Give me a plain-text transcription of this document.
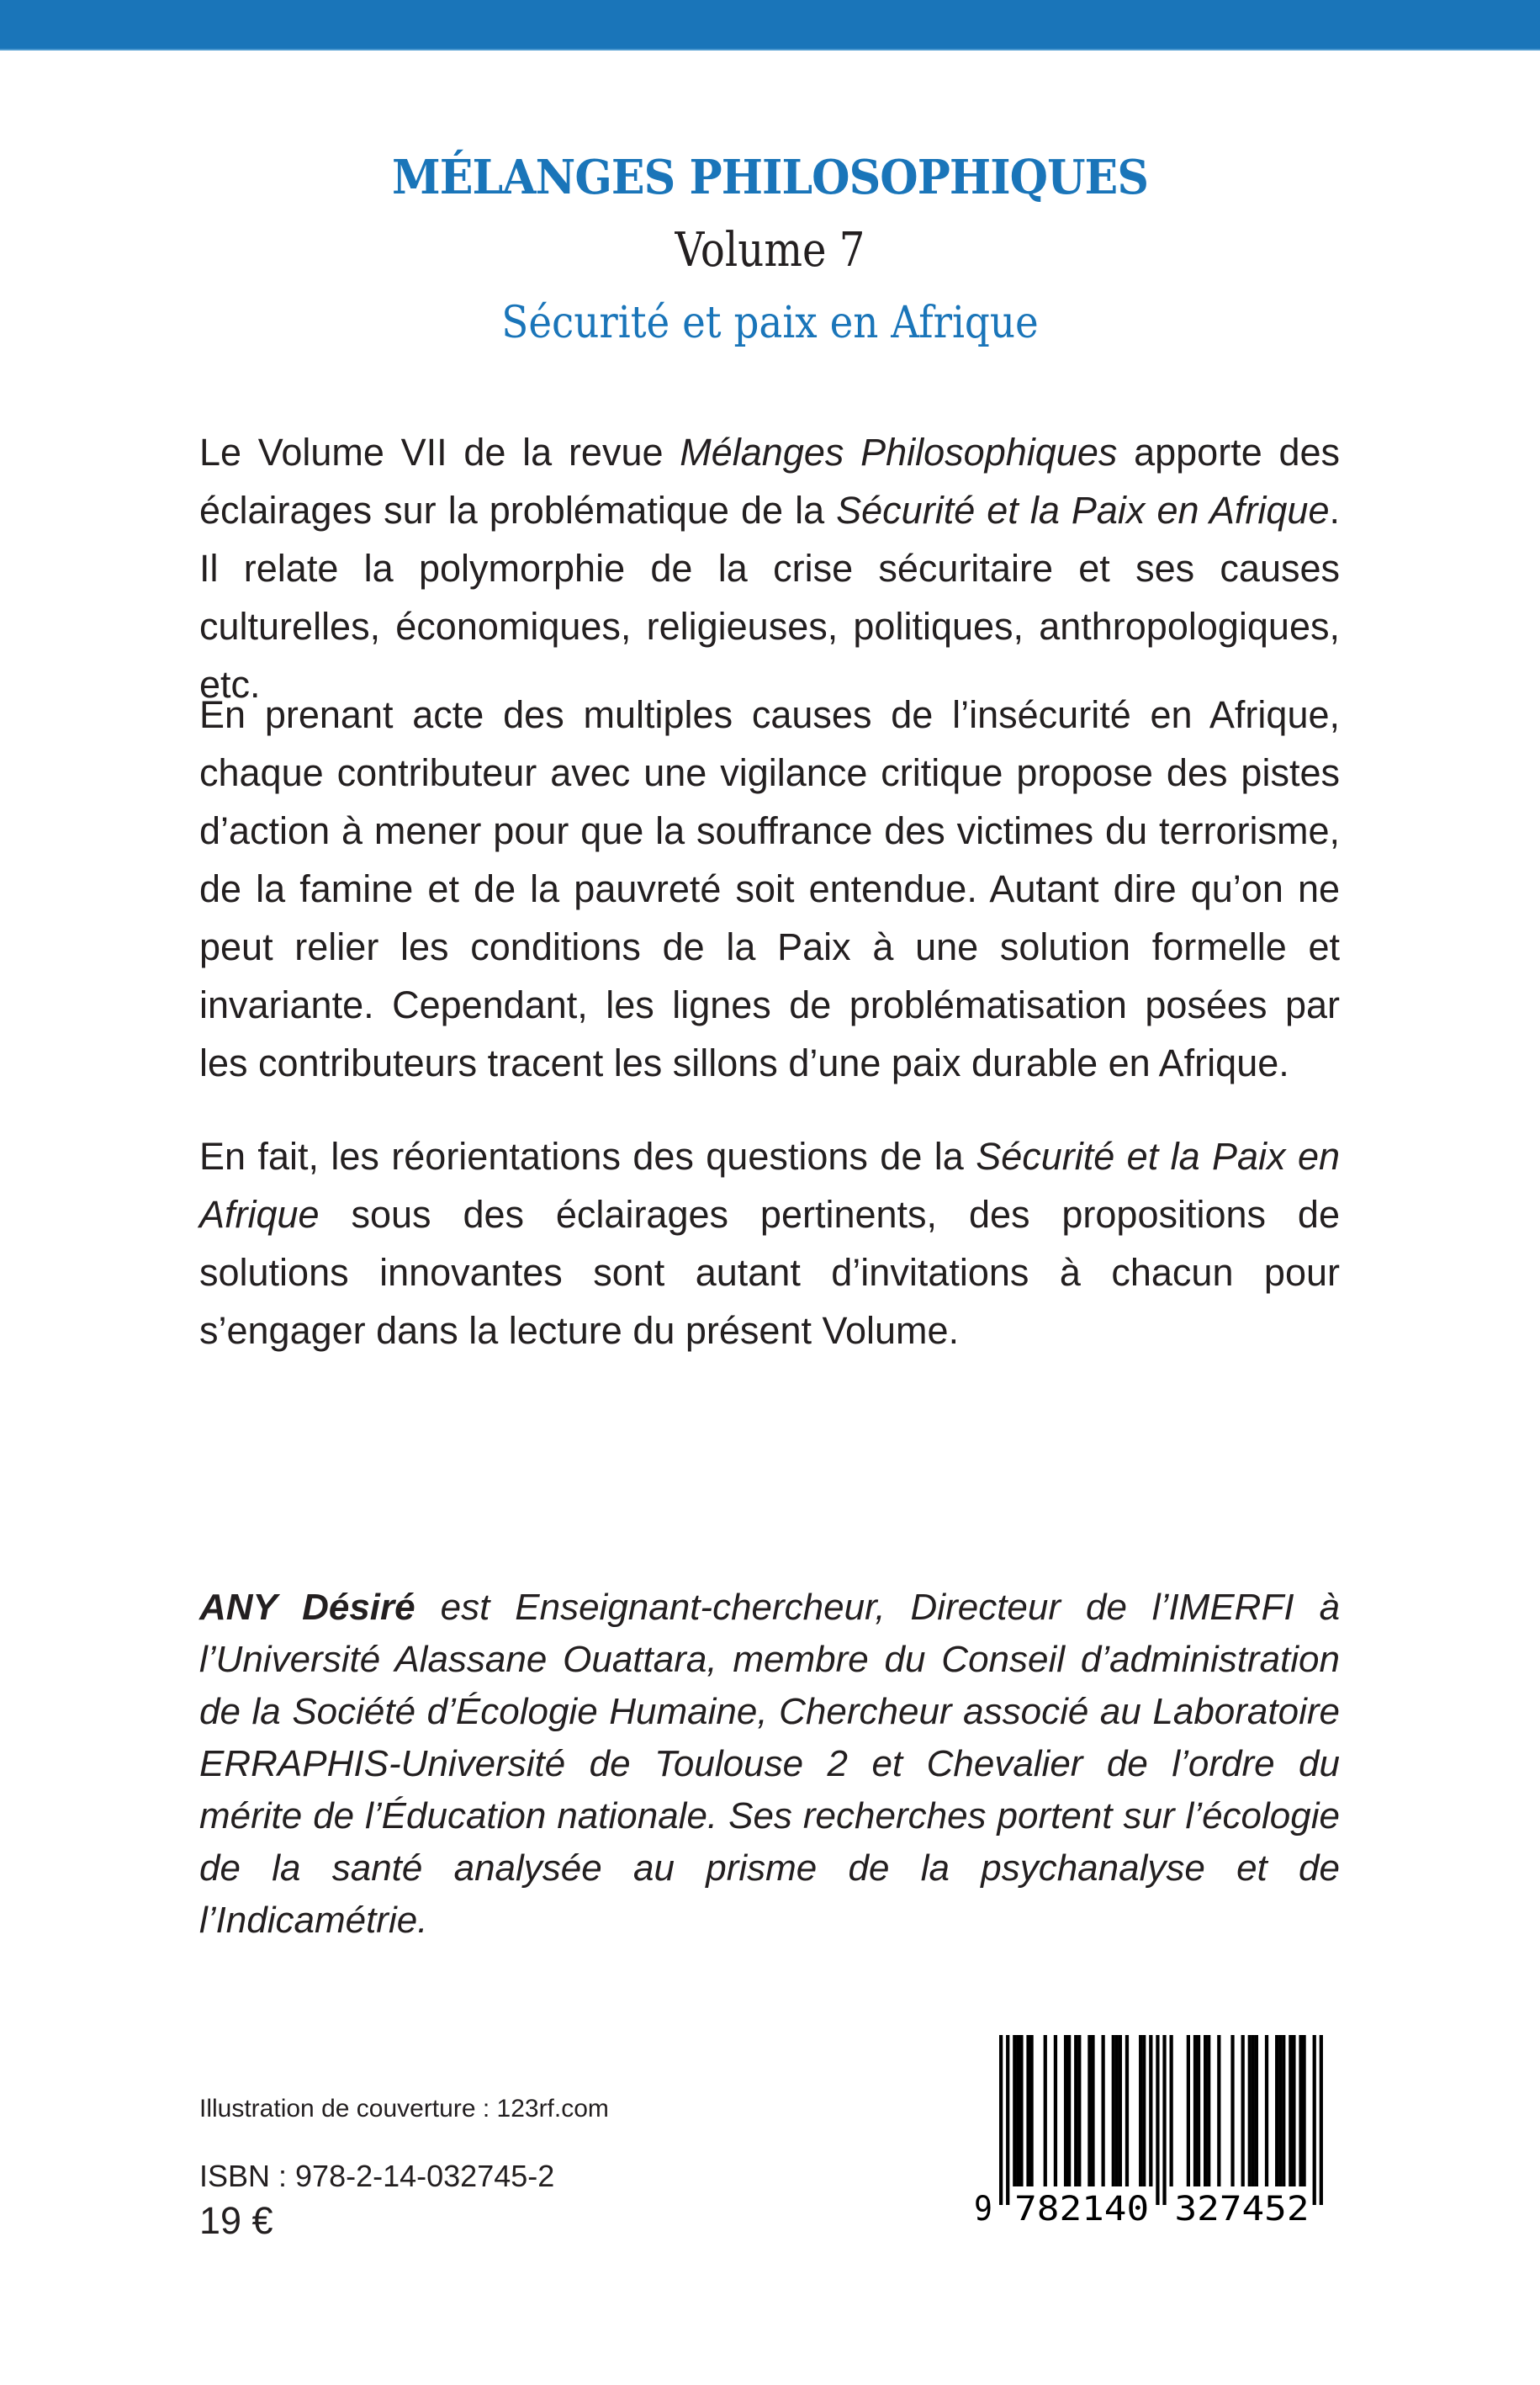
MÉLANGES PHILOSOPHIQUES
Volume 7
Sécurité et paix en Afrique
Le Volume VII de la revue Mélanges Philosophiques apporte des éclairages sur la problématique de la Sécurité et la Paix en Afrique. Il relate la polymorphie de la crise sécuritaire et ses causes culturelles, économiques, religieuses, politiques, anthropologiques, etc.
En prenant acte des multiples causes de l’insécurité en Afrique, chaque contributeur avec une vigilance critique propose des pistes d’action à mener pour que la souffrance des victimes du terrorisme, de la famine et de la pauvreté soit entendue. Autant dire qu’on ne peut relier les conditions de la Paix à une solution formelle et invariante. Cependant, les lignes de problématisation posées par les contributeurs tracent les sillons d’une paix durable en Afrique.
En fait, les réorientations des questions de la Sécurité et la Paix en Afrique sous des éclairages pertinents, des propositions de solutions innovantes sont autant d’invitations à chacun pour s’engager dans la lecture du présent Volume.
ANY Désiré est Enseignant-chercheur, Directeur de l’IMERFI à l’Université Alassane Ouattara, membre du Conseil d’administration de la Société d’Écologie Humaine, Chercheur associé au Laboratoire ERRAPHIS-Université de Toulouse 2 et Chevalier de l’ordre du mérite de l’Éducation nationale. Ses recherches portent sur l’écologie de la santé analysée au prisme de la psychanalyse et de l’Indicamétrie.
Illustration de couverture : 123rf.com
ISBN : 978-2-14-032745-2
19 €	9 782140 327452
